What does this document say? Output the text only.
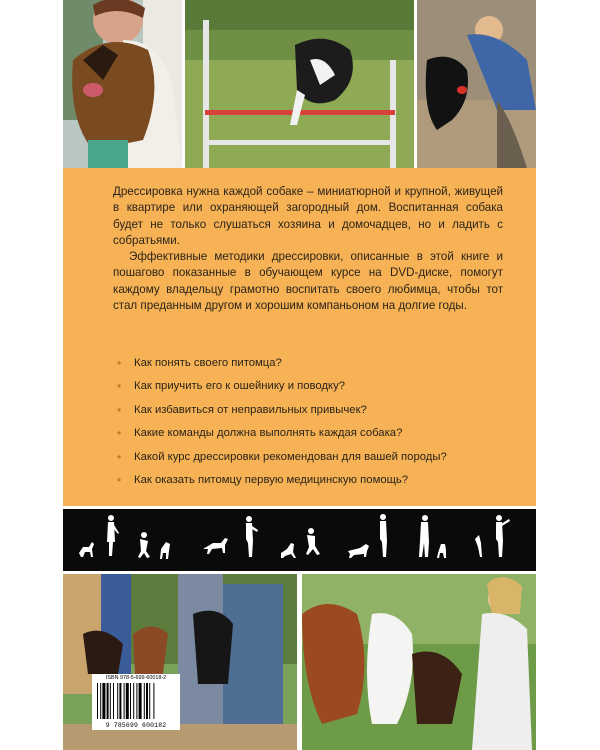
Дрессировка нужна каждой собаке – миниатюрной и крупной, живущей в квартире или охраняющей загородный дом. Воспитанная собака будет не только слушаться хозяина и домочадцев, но и ладить с собратьями.

Эффективные методики дрессировки, описанные в этой книге и пошагово показанные в обучающем курсе на DVD-диске, помогут каждому владельцу грамотно воспитать своего любимца, чтобы тот стал преданным другом и хорошим компаньоном на долгие годы.

• Как понять своего питомца?
• Как приучить его к ошейнику и поводку?
• Как избавиться от неправильных привычек?
• Какие команды должна выполнять каждая собака?
• Какой курс дрессировки рекомендован для вашей породы?
• Как оказать питомцу первую медицинскую помощь?
ISBN 978-5-699-60018-2
9 785699 600182
